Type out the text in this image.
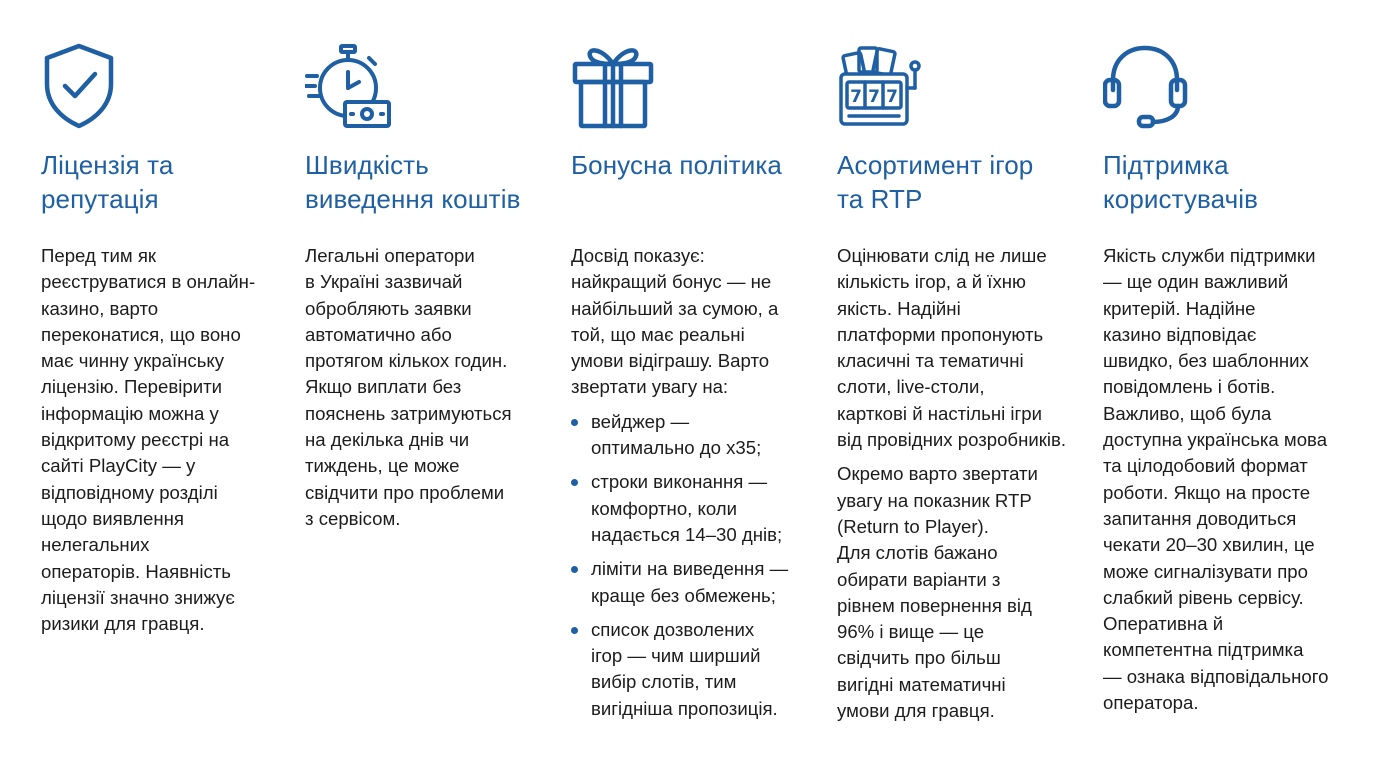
Ліцензія та
репутація

Перед тим як
реєструватися в онлайн-
казино, варто
переконатися, що воно
має чинну українську
ліцензію. Перевірити
інформацію можна у
відкритому реєстрі на
сайті PlayCity — у
відповідному розділі
щодо виявлення
нелегальних
операторів. Наявність
ліцензії значно знижує
ризики для гравця.

Швидкість
виведення коштів

Легальні оператори
в Україні зазвичай
обробляють заявки
автоматично або
протягом кількох годин.
Якщо виплати без
пояснень затримуються
на декілька днів чи
тиждень, це може
свідчити про проблеми
з сервісом.

Бонусна політика

Досвід показує:
найкращий бонус — не
найбільший за сумою, а
той, що має реальні
умови відіграшу. Варто
звертати увагу на:

вейджер —
оптимально до x35;
строки виконання —
комфортно, коли
надається 14–30 днів;
ліміти на виведення —
краще без обмежень;
список дозволених
ігор — чим ширший
вибір слотів, тим
вигідніша пропозиція.
7 7 7
Асортимент ігор
та RTP

Оцінювати слід не лише
кількість ігор, а й їхню
якість. Надійні
платформи пропонують
класичні та тематичні
слоти, live-столи,
карткові й настільні ігри
від провідних розробників.

Окремо варто звертати
увагу на показник RTP
(Return to Player).
Для слотів бажано
обирати варіанти з
рівнем повернення від
96% і вище — це
свідчить про більш
вигідні математичні
умови для гравця.

Підтримка
користувачів

Якість служби підтримки
— ще один важливий
критерій. Надійне
казино відповідає
швидко, без шаблонних
повідомлень і ботів.
Важливо, щоб була
доступна українська мова
та цілодобовий формат
роботи. Якщо на просте
запитання доводиться
чекати 20–30 хвилин, це
може сигналізувати про
слабкий рівень сервісу.
Оперативна й
компетентна підтримка
— ознака відповідального
оператора.
